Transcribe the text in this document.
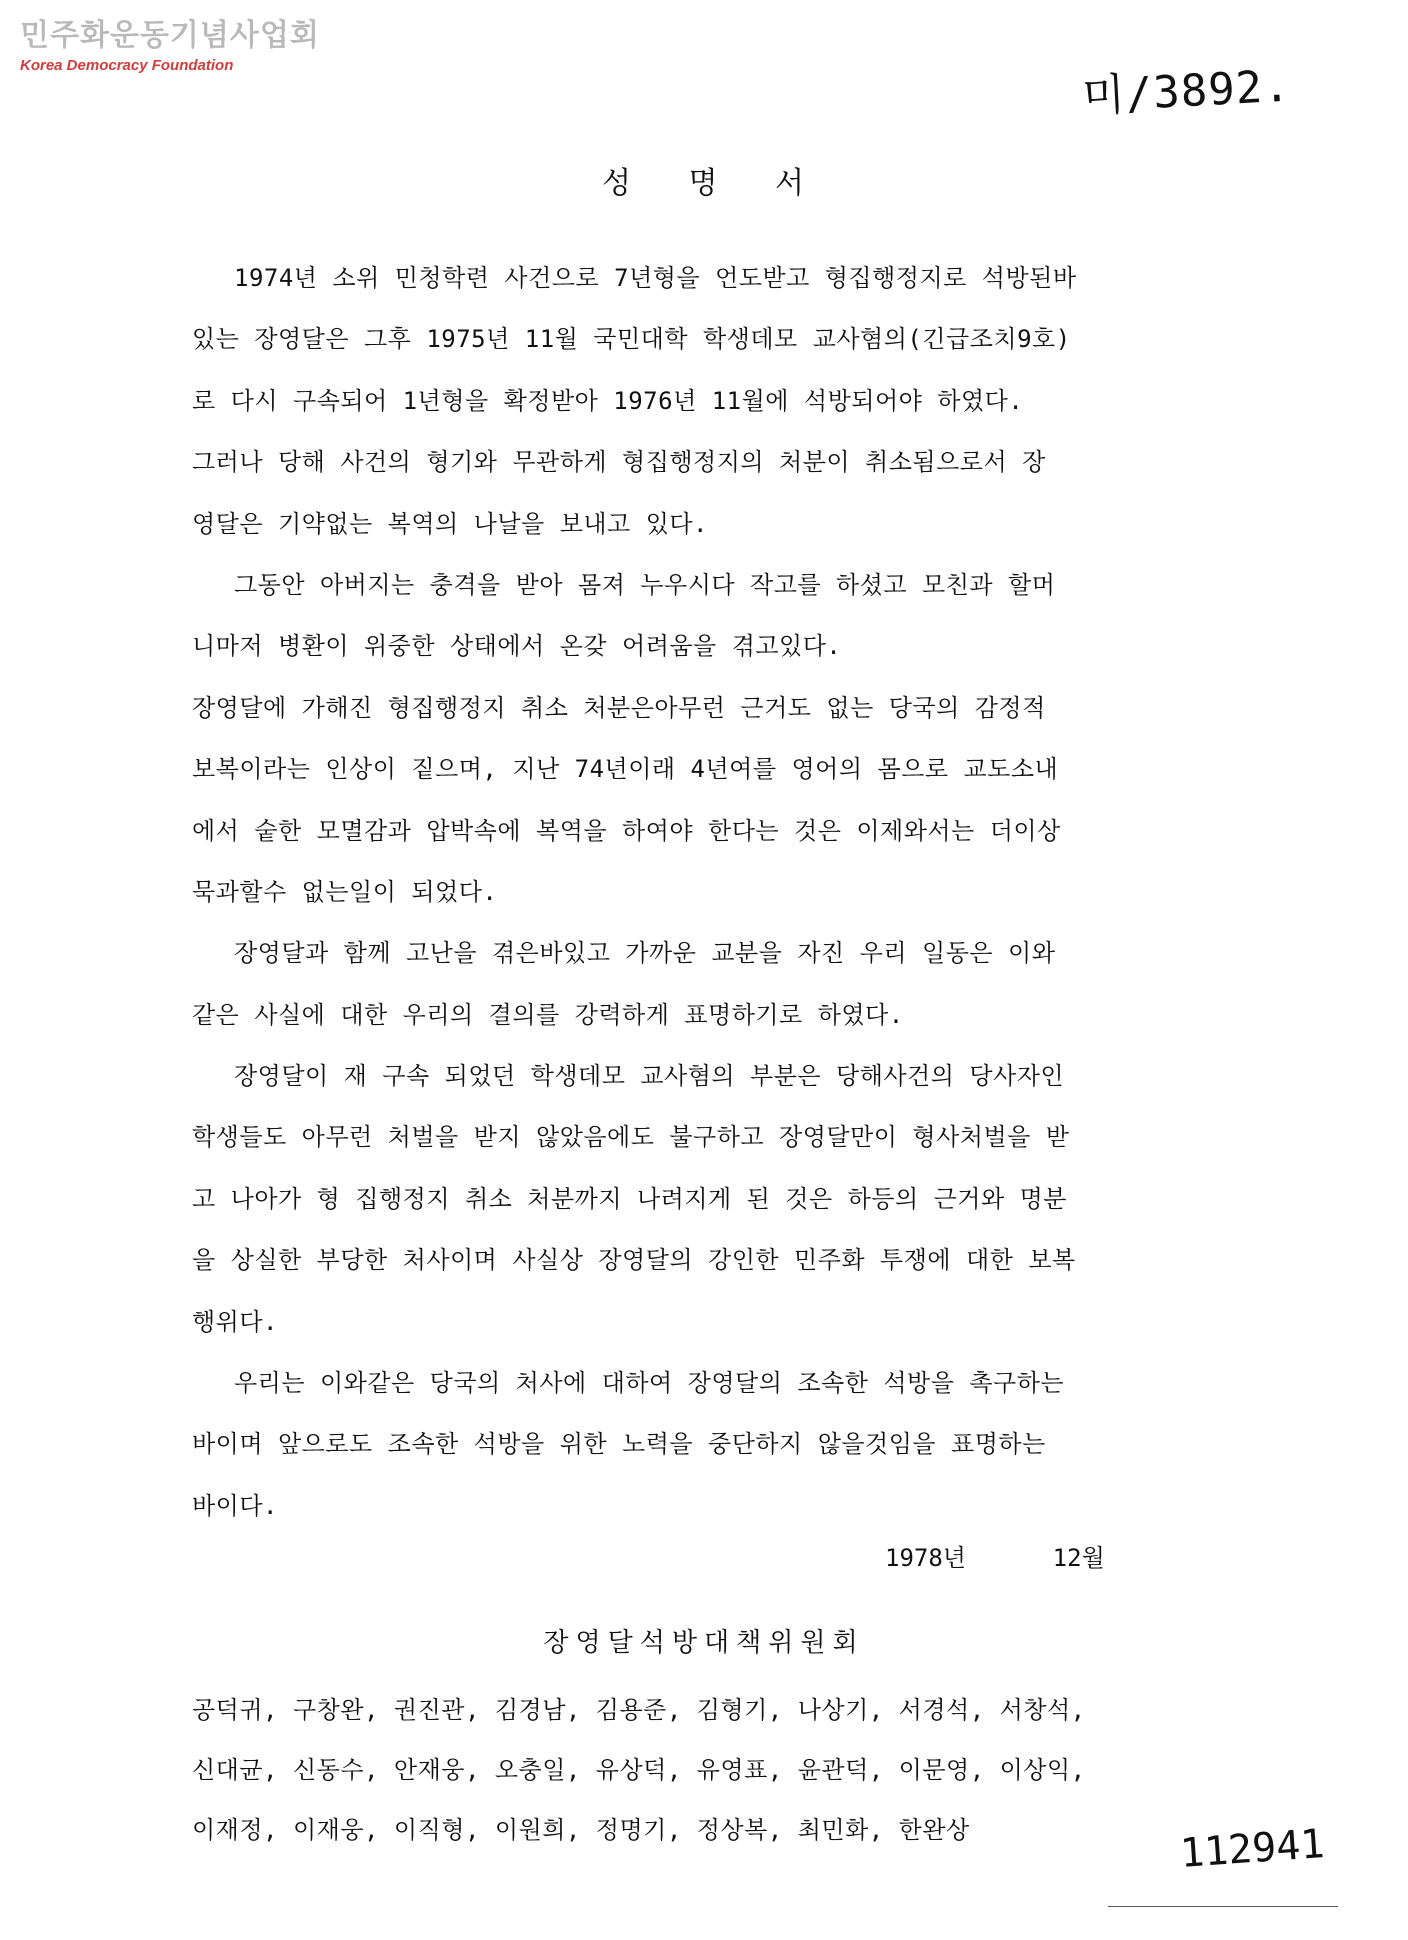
민주화운동기념사업회
Korea Democracy Foundation	미/3892.
성 명 서
1974년 소위 민청학련 사건으로 7년형을 언도받고 형집행정지로 석방된바
있는 장영달은 그후 1975년 11월 국민대학 학생데모 교사혐의(긴급조치9호)
로 다시 구속되어 1년형을 확정받아 1976년 11월에 석방되어야 하였다.
그러나 당해 사건의 형기와 무관하게 형집행정지의 처분이 취소됨으로서 장
영달은 기약없는 복역의 나날을 보내고 있다.
그동안 아버지는 충격을 받아 몸져 누우시다 작고를 하셨고 모친과 할머
니마저 병환이 위중한 상태에서 온갖 어려움을 겪고있다.
장영달에 가해진 형집행정지 취소 처분은아무런 근거도 없는 당국의 감정적
보복이라는 인상이 짙으며, 지난 74년이래 4년여를 영어의 몸으로 교도소내
에서 숱한 모멸감과 압박속에 복역을 하여야 한다는 것은 이제와서는 더이상
묵과할수 없는일이 되었다.
장영달과 함께 고난을 겪은바있고 가까운 교분을 자진 우리 일동은 이와
같은 사실에 대한 우리의 결의를 강력하게 표명하기로 하였다.
장영달이 재 구속 되었던 학생데모 교사혐의 부분은 당해사건의 당사자인
학생들도 아무런 처벌을 받지 않았음에도 불구하고 장영달만이 형사처벌을 받
고 나아가 형 집행정지 취소 처분까지 나려지게 된 것은 하등의 근거와 명분
을 상실한 부당한 처사이며 사실상 장영달의 강인한 민주화 투쟁에 대한 보복
행위다.
우리는 이와같은 당국의 처사에 대하여 장영달의 조속한 석방을 촉구하는
바이며 앞으로도 조속한 석방을 위한 노력을 중단하지 않을것임을 표명하는
바이다.
1978년      12월
장영달석방대책위원회
공덕귀, 구창완, 권진관, 김경남, 김용준, 김형기, 나상기, 서경석, 서창석,
신대균, 신동수, 안재웅, 오충일, 유상덕, 유영표, 윤관덕, 이문영, 이상익,
이재정, 이재웅, 이직형, 이원희, 정명기, 정상복, 최민화, 한완상	112941
